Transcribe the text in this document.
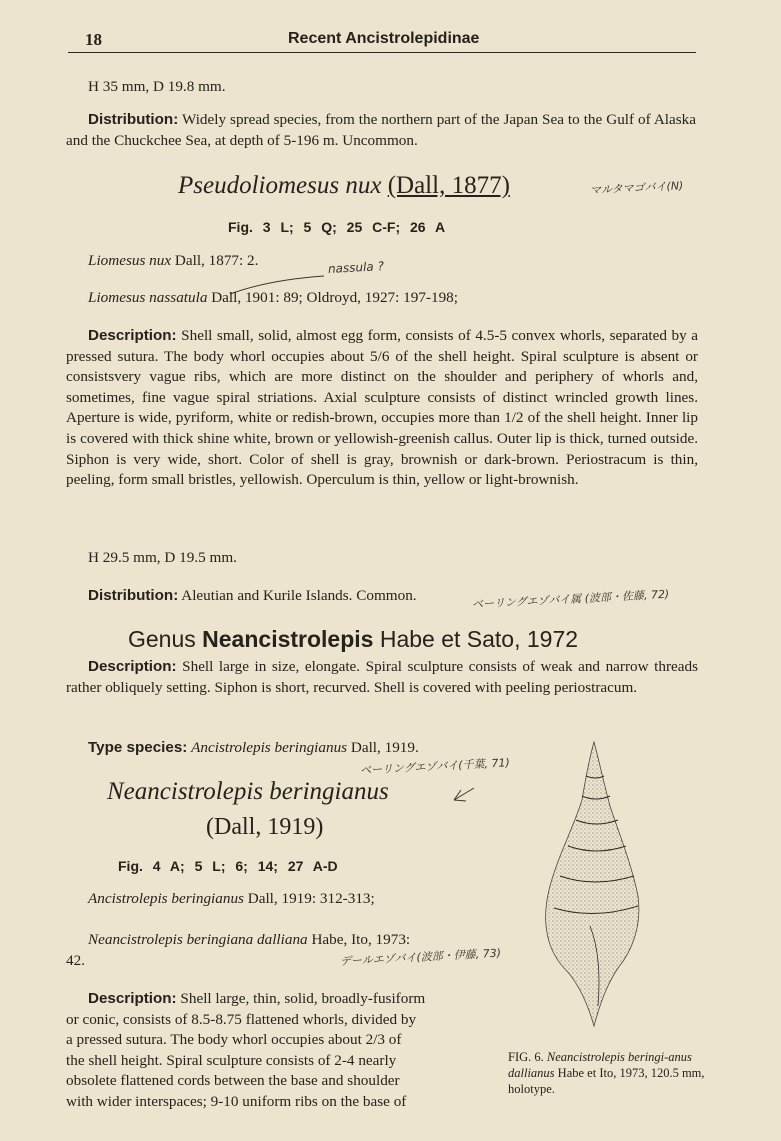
18	Recent Ancistrolepidinae
H 35 mm, D 19.8 mm.
Distribution: Widely spread species, from the northern part of the Japan Sea to the Gulf of Alaska and the Chuckchee Sea, at depth of 5-196 m. Uncommon.
Pseudoliomesus nux (Dall, 1877)	マルタマゴバイ(N)
Fig. 3 L; 5 Q; 25 C-F; 26 A
Liomesus nux Dall, 1877: 2.	nassula ?
Liomesus nassatula Dall, 1901: 89; Oldroyd, 1927: 197-198;
Description: Shell small, solid, almost egg form, consists of 4.5-5 convex whorls, separated by a pressed sutura. The body whorl occupies about 5/6 of the shell height. Spiral sculpture is absent or consistsvery vague ribs, which are more distinct on the shoulder and periphery of whorls and, sometimes, fine vague spiral striations. Axial sculpture consists of distinct wrincled growth lines. Aperture is wide, pyriform, white or redish-brown, occupies more than 1/2 of the shell height. Inner lip is covered with thick shine white, brown or yellowish-greenish callus. Outer lip is thick, turned outside. Siphon is very wide, short. Color of shell is gray, brownish or dark-brown. Periostracum is thin, peeling, form small bristles, yellowish. Operculum is thin, yellow or light-brownish.
H 29.5 mm, D 19.5 mm.
Distribution: Aleutian and Kurile Islands. Common.	ベーリングエゾバイ属 (波部・佐藤, 72)
Genus Neancistrolepis Habe et Sato, 1972
Description: Shell large in size, elongate. Spiral sculpture consists of weak and narrow threads rather obliquely setting. Siphon is short, recurved. Shell is covered with peeling periostracum.
Type species: Ancistrolepis beringianus Dall, 1919.
ベーリングエゾバイ(千葉, 71)
Neancistrolepis beringianus
(Dall, 1919)
Fig. 4 A; 5 L; 6; 14; 27 A-D
Ancistrolepis beringianus Dall, 1919: 312-313;
Neancistrolepis beringiana dalliana Habe, Ito, 1973:
42.	デールエゾバイ(波部・伊藤, 73)
Description: Shell large, thin, solid, broadly-fusiform
or conic, consists of 8.5-8.75 flattened whorls, divided by
a pressed sutura. The body whorl occupies about 2/3 of
the shell height. Spiral sculpture consists of 2-4 nearly
obsolete flattened cords between the base and shoulder
with wider interspaces; 9-10 uniform ribs on the base of
FIG. 6. Neancistrolepis beringi-anus dallianus Habe et Ito, 1973, 120.5 mm, holotype.
